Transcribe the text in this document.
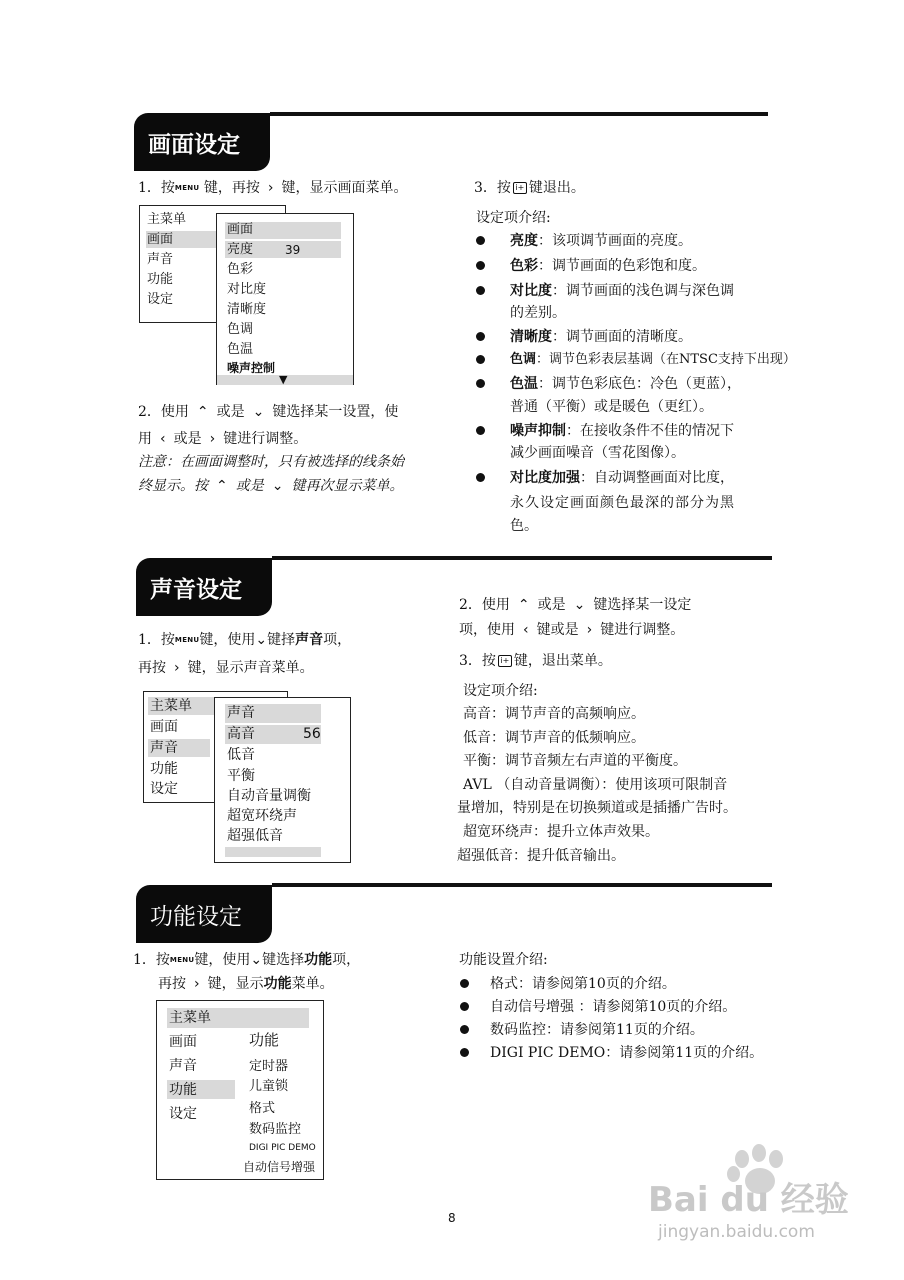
画面设定
1．按MENU 键，再按 › 键，显示画面菜单。
主菜单
画面
声音
功能
设定
画面
亮度	39
色彩
对比度
清晰度
色调
色温
噪声控制
▼
2．使用 ⌃ 或是 ⌄ 键选择某一设置，使
用 ‹ 或是 › 键进行调整。
注意：在画面调整时，只有被选择的线条始
终显示。按 ⌃ 或是 ⌄ 键再次显示菜单。
3．按 i+ 键退出。
设定项介绍:
亮度：该项调节画面的亮度。
色彩：调节画面的色彩饱和度。
对比度：调节画面的浅色调与深色调
的差别。
清晰度：调节画面的清晰度。
色调：调节色彩表层基调（在NTSC支持下出现）
色温：调节色彩底色：冷色（更蓝），
普通（平衡）或是暖色（更红）。
噪声抑制：在接收条件不佳的情况下
减少画面噪音（雪花图像）。
对比度加强：自动调整画面对比度，
永久设定画面颜色最深的部分为黑
色。
声音设定
1．按MENU键，使用⌄键择声音项，
再按 › 键，显示声音菜单。
主菜单
画面
声音
功能
设定
声音
高音	56
低音
平衡
自动音量调衡
超宽环绕声
超强低音
2．使用 ⌃ 或是 ⌄ 键选择某一设定
项，使用 ‹ 键或是 › 键进行调整。
3．按 i+ 键，退出菜单。
设定项介绍:
高音：调节声音的高频响应。
低音：调节声音的低频响应。
平衡：调节音频左右声道的平衡度。
AVL （自动音量调衡）：使用该项可限制音
量增加，特别是在切换频道或是插播广告时。
超宽环绕声：提升立体声效果。
超强低音：提升低音输出。
功能设定
1．按MENU键，使用⌄键选择功能项，
再按 › 键，显示功能菜单。
主菜单
画面
声音
功能
设定
功能
定时器
儿童锁
格式
数码监控
DIGI PIC DEMO
自动信号增强
功能设置介绍:
格式：请参阅第10页的介绍。
自动信号增强 ：请参阅第10页的介绍。
数码监控：请参阅第11页的介绍。
DIGI PIC DEMO：请参阅第11页的介绍。
8	Bai du 经验
jingyan.baidu.com
